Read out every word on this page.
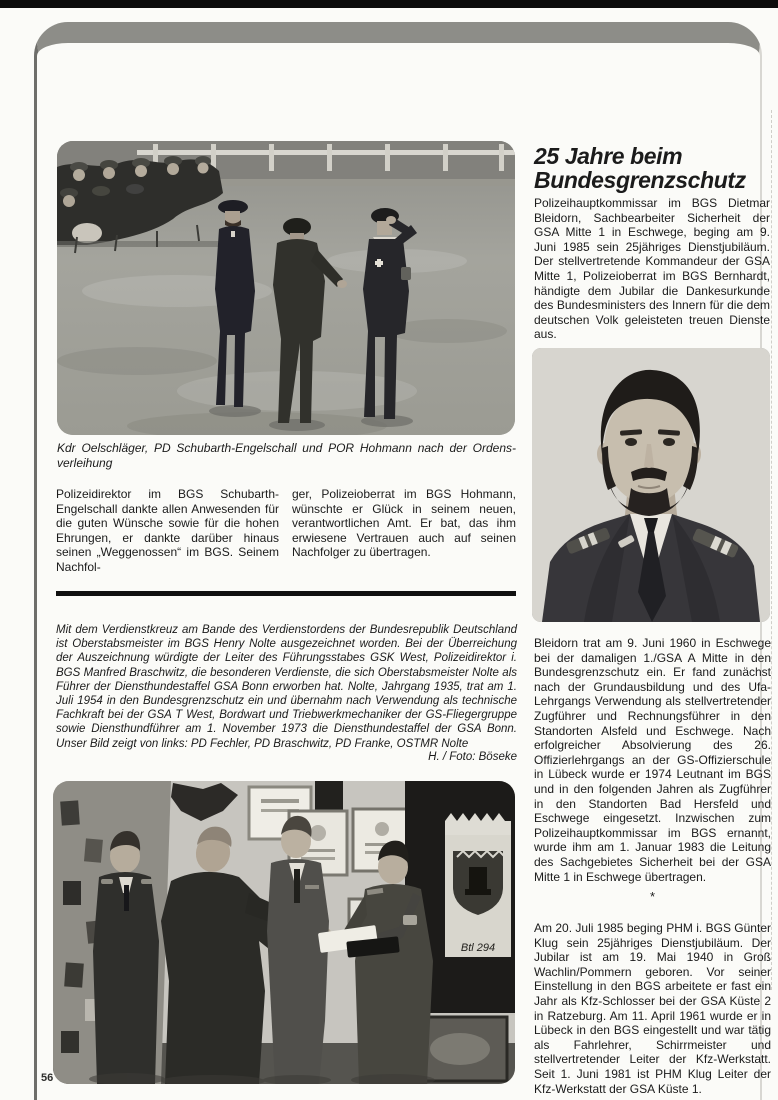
Kdr Oelschläger, PD Schubarth-Engelschall und POR Hohmann nach der Ordens-
verleihung
Polizeidirektor im BGS Schubarth-Engelschall dankte allen Anwesenden für die guten Wünsche sowie für die hohen Ehrungen, er dankte darüber hinaus seinen „Weggenossen“ im BGS. Seinem Nachfol-
ger, Polizeioberrat im BGS Hohmann, wünschte er Glück in seinem neuen, verantwortlichen Amt. Er bat, das ihm erwiesene Vertrauen auch auf seinen Nachfolger zu übertragen.
Mit dem Verdienstkreuz am Bande des Verdienstordens der Bundesrepublik Deutschland ist Oberstabsmeister im BGS Henry Nolte ausgezeichnet worden. Bei der Überreichung der Auszeichnung würdigte der Leiter des Führungsstabes GSK West, Polizeidirektor i. BGS Manfred Braschwitz, die besonderen Verdienste, die sich Oberstabsmeister Nolte als Führer der Diensthundestaffel GSA Bonn erworben hat. Nolte, Jahrgang 1935, trat am 1. Juli 1954 in den Bundesgrenzschutz ein und übernahm nach Verwendung als technische Fachkraft bei der GSA T West, Bordwart und Triebwerkmechaniker der GS-Fliegergruppe sowie Diensthundführer am 1. November 1973 die Diensthundestaffel der GSA Bonn. Unser Bild zeigt von links: PD Fechler, PD Braschwitz, PD Franke, OSTMR Nolte
H. / Foto: Böseke
Btl 294
56
25 Jahre beim
Bundesgrenzschutz
Polizeihauptkommissar im BGS Dietmar Bleidorn, Sachbearbeiter Sicherheit der GSA Mitte 1 in Eschwege, beging am 9. Juni 1985 sein 25jähriges Dienstjubiläum. Der stellvertretende Kommandeur der GSA Mitte 1, Polizeioberrat im BGS Bernhardt, händigte dem Jubilar die Dankesurkunde des Bundesministers des Innern für die dem deutschen Volk geleisteten treuen Dienste aus.
Bleidorn trat am 9. Juni 1960 in Eschwege bei der damaligen 1./GSA A Mitte in den Bundesgrenzschutz ein. Er fand zunächst nach der Grundausbildung und des Ufa-Lehrgangs Verwendung als stellvertretender Zugführer und Rechnungsführer in den Standorten Alsfeld und Eschwege. Nach erfolgreicher Absolvierung des 26. Offizierlehrgangs an der GS-Offizierschule in Lübeck wurde er 1974 Leutnant im BGS und in den folgenden Jahren als Zugführer in den Standorten Bad Hersfeld und Eschwege eingesetzt. Inzwischen zum Polizeihauptkommissar im BGS ernannt, wurde ihm am 1. Januar 1983 die Leitung des Sachgebietes Sicherheit bei der GSA Mitte 1 in Eschwege übertragen.
*
Am 20. Juli 1985 beging PHM i. BGS Günter Klug sein 25jähriges Dienstjubiläum. Der Jubilar ist am 19. Mai 1940 in Groß Wachlin/Pommern geboren. Vor seiner Einstellung in den BGS arbeitete er fast ein Jahr als Kfz-Schlosser bei der GSA Küste 2 in Ratzeburg. Am 11. April 1961 wurde er in Lübeck in den BGS eingestellt und war tätig als Fahrlehrer, Schirrmeister und stellvertretender Leiter der Kfz-Werkstatt. Seit 1. Juni 1981 ist PHM Klug Leiter der Kfz-Werkstatt der GSA Küste 1.
